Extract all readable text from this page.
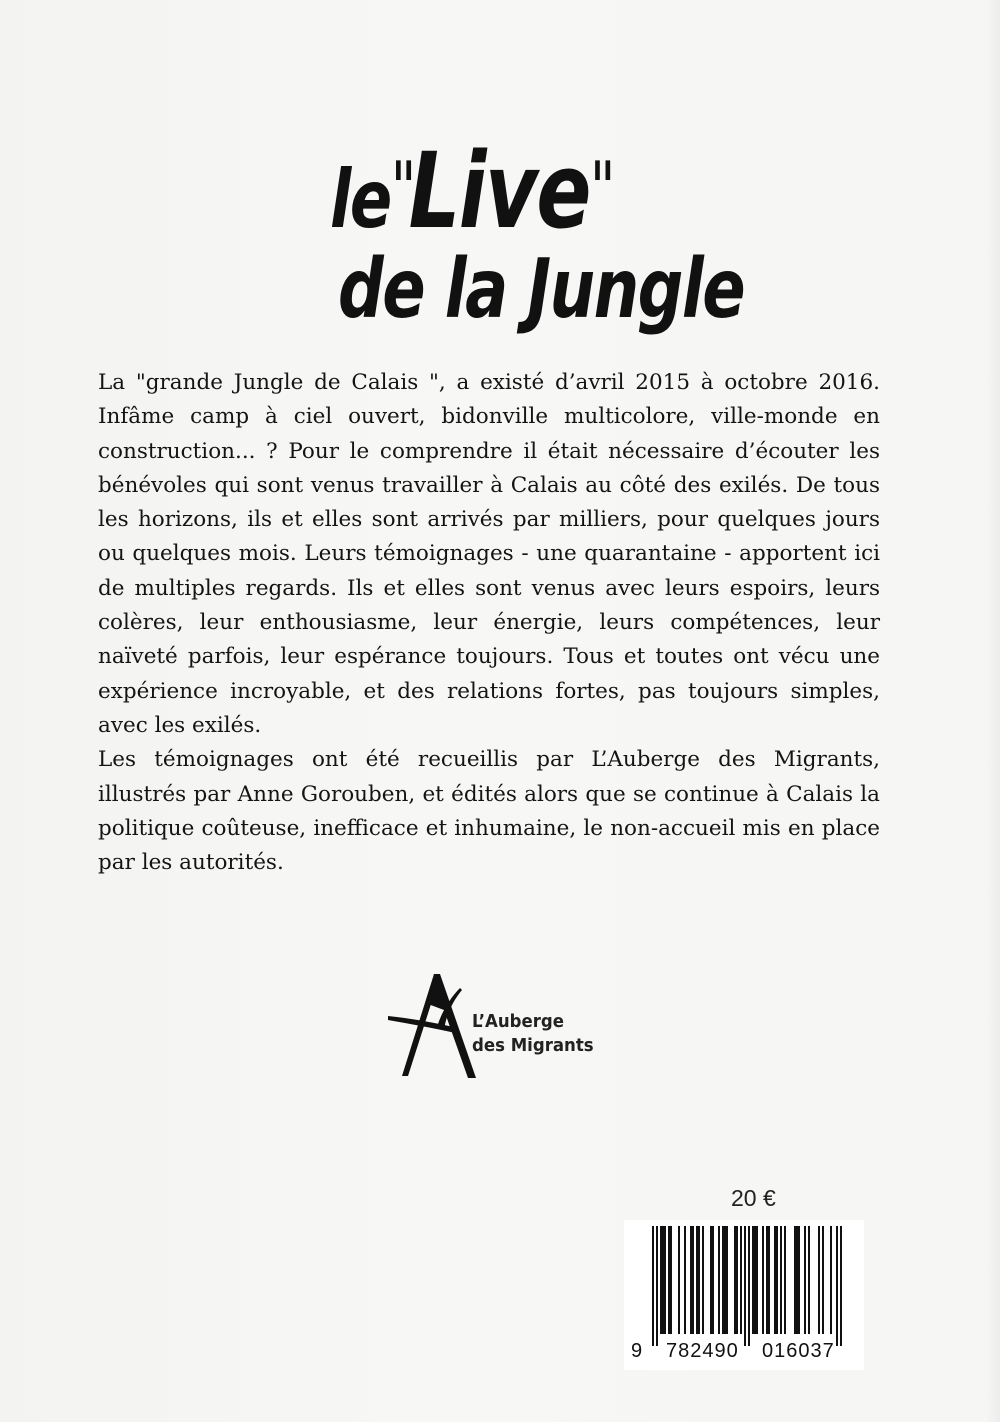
le"Live"
de la Jungle

La "grande Jungle de Calais ", a existé d’avril 2015 à octobre 2016. Infâme camp à ciel ouvert, bidonville multicolore, ville-monde en construction... ? Pour le comprendre il était nécessaire d’écouter les bénévoles qui sont venus travailler à Calais au côté des exilés. De tous les horizons, ils et elles sont arrivés par milliers, pour quelques jours ou quelques mois. Leurs témoignages - une quarantaine - apportent ici de multiples regards. Ils et elles sont venus avec leurs espoirs, leurs colères, leur enthousiasme, leur énergie, leurs compétences, leur naïveté parfois, leur espérance toujours. Tous et toutes ont vécu une expérience incroyable, et des relations fortes, pas toujours simples, avec les exilés.

Les témoignages ont été recueillis par L’Auberge des Migrants, illustrés par Anne Gorouben, et édités alors que se continue à Calais la politique coûteuse, inefficace et inhumaine, le non-accueil mis en place par les autorités.

L’Auberge
des Migrants
20 €
9 782490 016037
